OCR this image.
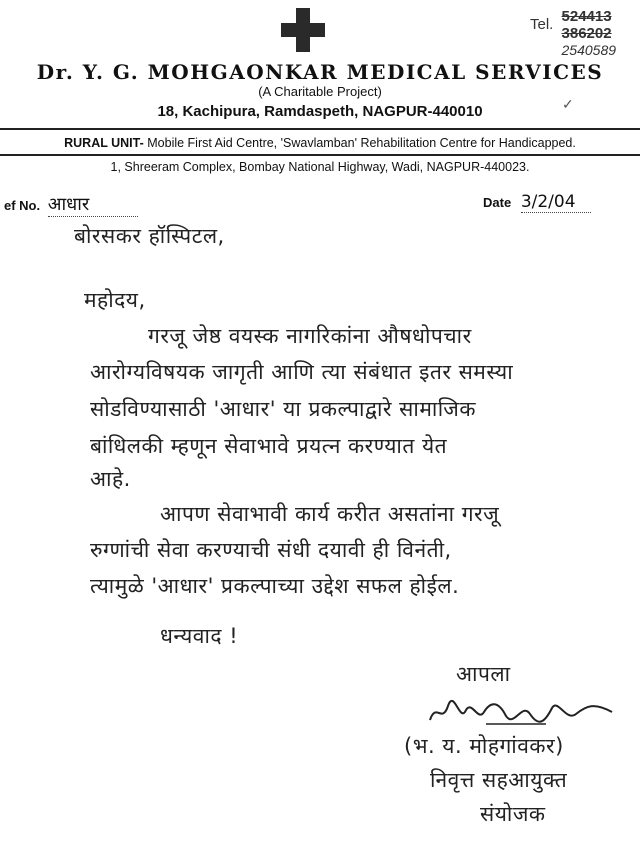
Tel. 524413
386202
2540589
Dr. Y. G. MOHGAONKAR MEDICAL SERVICES
(A Charitable Project)
18, Kachipura, Ramdaspeth, NAGPUR-440010	✓
RURAL UNIT- Mobile First Aid Centre, 'Swavlamban' Rehabilitation Centre for Handicapped.
1, Shreeram Complex, Bombay National Highway, Wadi, NAGPUR-440023.
ef No. आधार	Date 3/2/04
बोरसकर हॉस्पिटल,
महोदय,
गरजू जेष्ठ वयस्क नागरिकांना औषधोपचार
आरोग्यविषयक जागृती आणि त्या संबंधात इतर समस्या
सोडविण्यासाठी 'आधार' या प्रकल्पाद्वारे सामाजिक
बांधिलकी म्हणून सेवाभावे प्रयत्न करण्यात येत
आहे.
आपण सेवाभावी कार्य करीत असतांना गरजू
रुग्णांची सेवा करण्याची संधी दयावी ही विनंती,
त्यामुळे 'आधार' प्रकल्पाच्या उद्देश सफल होईल.
धन्यवाद !
आपला
(भ. य. मोहगांवकर)
निवृत्त सहआयुक्त
संयोजक
